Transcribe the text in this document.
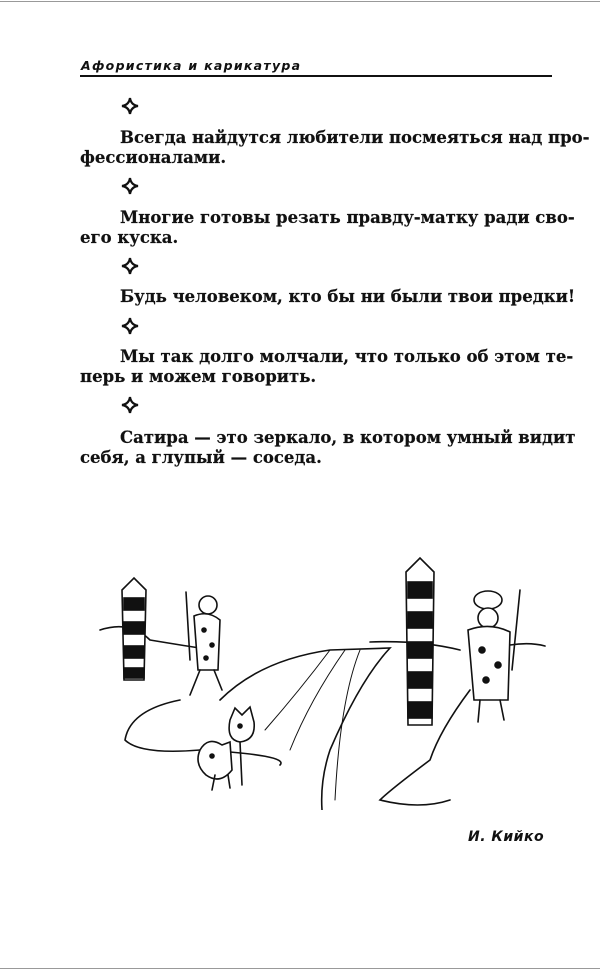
Афористика и карикатура
Всегда найдутся любители посмеяться над про-
фессионалами.
Многие готовы резать правду-матку ради сво-
его куска.
Будь человеком, кто бы ни были твои предки!
Мы так долго молчали, что только об этом те-
перь и можем говорить.
Сатира — это зеркало, в котором умный видит
себя, а глупый — соседа.
И. Кийко
